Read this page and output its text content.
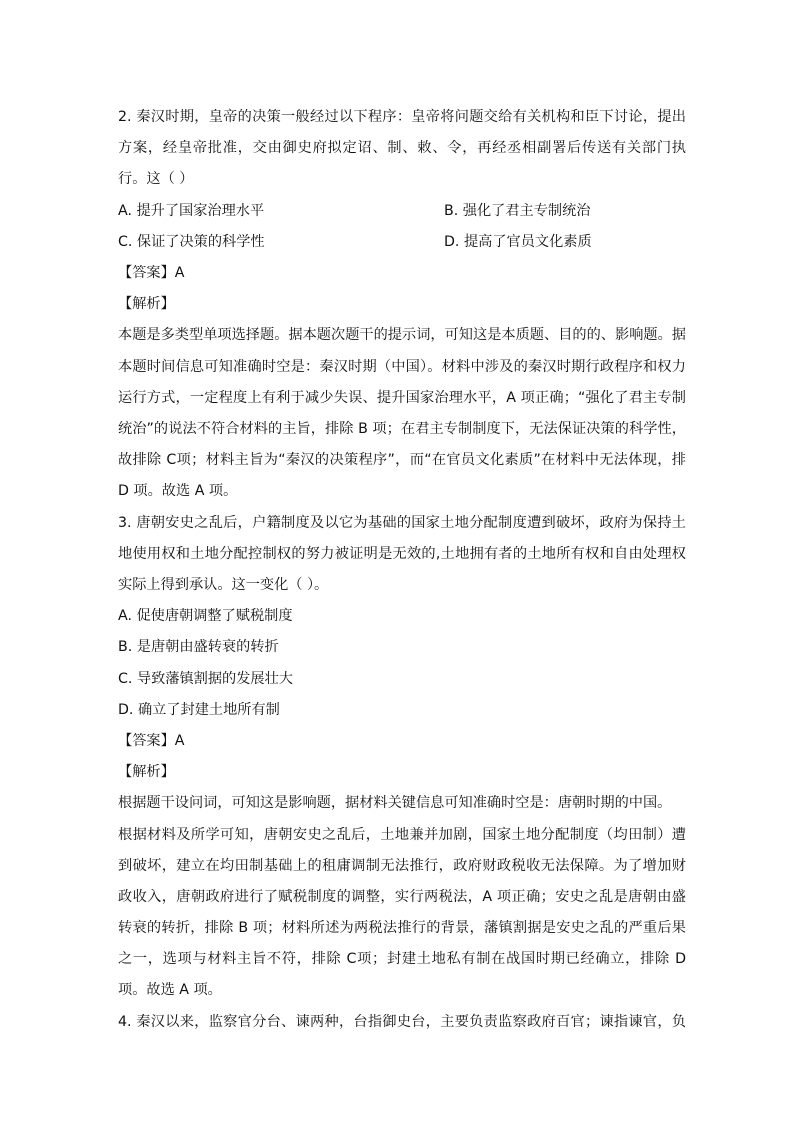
2. 秦汉时期，皇帝的决策一般经过以下程序：皇帝将问题交给有关机构和臣下讨论，提出
方案，经皇帝批准，交由御史府拟定诏、制、敕、令，再经丞相副署后传送有关部门执
行。这（ ）
A. 提升了国家治理水平	B. 强化了君主专制统治
C. 保证了决策的科学性	D. 提高了官员文化素质
【答案】A
【解析】
本题是多类型单项选择题。据本题次题干的提示词，可知这是本质题、目的的、影响题。据
本题时间信息可知准确时空是：秦汉时期（中国）。材料中涉及的秦汉时期行政程序和权力
运行方式，一定程度上有利于减少失误、提升国家治理水平，A 项正确；“强化了君主专制
统治”的说法不符合材料的主旨，排除 B 项；在君主专制制度下，无法保证决策的科学性，
故排除 C项；材料主旨为“秦汉的决策程序”，而“在官员文化素质”在材料中无法体现，排
D 项。故选 A 项。
3. 唐朝安史之乱后，户籍制度及以它为基础的国家土地分配制度遭到破坏，政府为保持土
地使用权和土地分配控制权的努力被证明是无效的,土地拥有者的土地所有权和自由处理权
实际上得到承认。这一变化（ ）。
A. 促使唐朝调整了赋税制度
B. 是唐朝由盛转衰的转折
C. 导致藩镇割据的发展壮大
D. 确立了封建土地所有制
【答案】A
【解析】
根据题干设问词，可知这是影响题，据材料关键信息可知准确时空是：唐朝时期的中国。
根据材料及所学可知，唐朝安史之乱后，土地兼并加剧，国家土地分配制度（均田制）遭
到破坏，建立在均田制基础上的租庸调制无法推行，政府财政税收无法保障。为了增加财
政收入，唐朝政府进行了赋税制度的调整，实行两税法，A 项正确；安史之乱是唐朝由盛
转衰的转折，排除 B 项；材料所述为两税法推行的背景，藩镇割据是安史之乱的严重后果
之一，选项与材料主旨不符，排除 C项；封建土地私有制在战国时期已经确立，排除 D
项。故选 A 项。
4. 秦汉以来，监察官分台、谏两种，台指御史台，主要负责监察政府百官；谏指谏官，负
